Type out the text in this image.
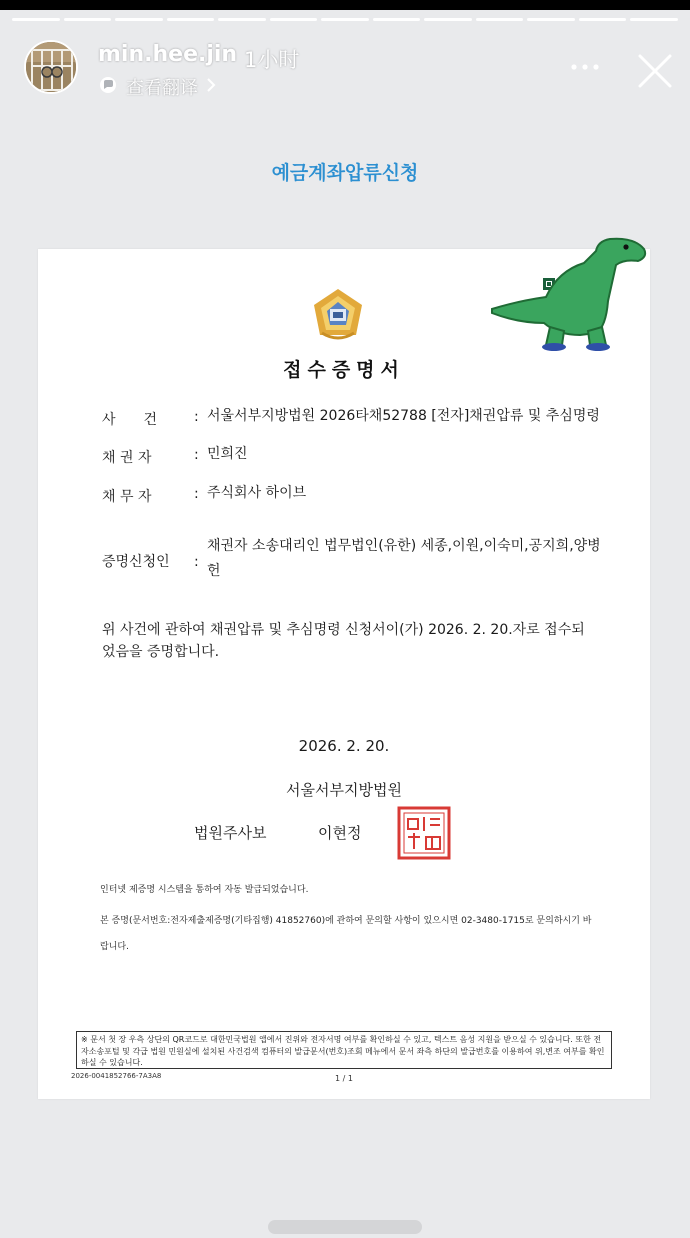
min.hee.jin 1小时
查看翻译
예금계좌압류신청
접수증명서
사　　건	: 서울서부지방법원 2026타채52788 [전자]채권압류 및 추심명령
채 권 자	: 민희진
채 무 자	: 주식회사 하이브
증명신청인	:
채권자 소송대리인 법무법인(유한) 세종,이원,이숙미,공지희,양병헌
위 사건에 관하여 채권압류 및 추심명령 신청서이(가) 2026. 2. 20.자로 접수되었음을 증명합니다.
2026. 2. 20.
서울서부지방법원
법원주사보	이현정
인터넷 제증명 시스템을 통하여 자동 발급되었습니다.
본 증명(문서번호:전자제출제증명(기타집행) 41852760)에 관하여 문의할 사항이 있으시면 02-3480-1715로 문의하시기 바랍니다.
※ 문서 첫 장 우측 상단의 QR코드로 대한민국법원 앱에서 진위와 전자서명 여부를 확인하실 수 있고, 텍스트 음성 지원을 받으실 수 있습니다. 또한 전자소송포털 및 각급 법원 민원실에 설치된 사건검색 컴퓨터의 발급문서(번호)조회 메뉴에서 문서 좌측 하단의 발급번호를 이용하여 위,변조 여부를 확인하실 수 있습니다.
2026-0041852766-7A3A8	1 / 1
